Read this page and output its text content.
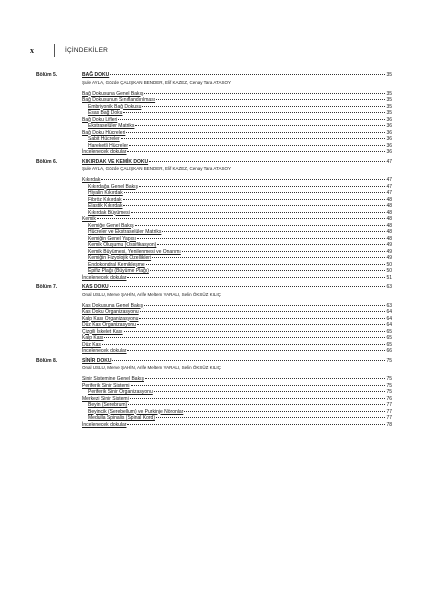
x	İÇİNDEKİLER
Bölüm 5.	BAĞ DOKU	35
Şule AYLA, Gözde ÇALIŞKAN BENDER, Elif KAZEZ, Cenay Tara ATASOY
Bağ Dokusuna Genel Bakış	35
Bağ Dokusunun Sınıflandırılması	35
Embriyonik Bağ Dokusu	35
Esas Bağ Doku	35
Bağ Doku Lifleri	36
Ekstraselüler Matriks	36
Bağ Doku Hücreleri	36
Sabit Hücreler	36
Hareketli Hücreler	36
İncelenecek dokular	36
Bölüm 6.	KIKIRDAK VE KEMİK DOKU	47
Şule AYLA, Gözde ÇALIŞKAN BENDER, Elif KAZEZ, Cenay Tara ATASOY
Kıkırdak	47
Kıkırdağa Genel Bakış	47
Hiyalin Kıkırdak	47
Fibröz Kıkırdak	48
Elastik Kıkırdak	48
Kıkırdak Büyümesi	48
Kemik	48
Kemiğe Genel Bakış	48
Hücreler ve Ekstraselüler Matriks	48
Kemiğin Genel Yapısı	48
Kemik Oluşumu (Ossifikasyon)	49
Kemik Büyümesi, Yenilenmesi ve Onarımı	49
Kemiğin Fizyolojik Özellikleri	49
Endokondral Kemikleşme	50
Epifiz Plağı (Büyüme Plağı)	50
İncelenecek dokular	51
Bölüm 7.	KAS DOKU	63
Onal USLU, Merve ŞAHİN, Arife Meltem YARALI, Selin ÖKSÜZ KILIÇ
Kas Dokusuna Genel Bakış	63
Kas Doku Organizasyonu	64
Kalp Kası Organizasyonu	64
Düz Kas Organizasyonu	64
Çizgili İskelet Kası	65
Kalp Kası	65
Düz Kas	65
İncelenecek dokular	66
Bölüm 8.	SİNİR DOKU	75
Onal USLU, Merve ŞAHİN, Arife Meltem YARALI, Selin ÖKSÜZ KILIÇ
Sinir Sistemine Genel Bakış	75
Periferik Sinir Sistemi	75
Periferik Sinir Organizasyonu	75
Merkezi Sinir Sistemi	76
Beyin (Serebrum)	77
Beyincik (Serebellum) ve Purkinje Nöronlar	77
Medulla Spinalis (Spinal Kord)	77
İncelenecek dokular	78
